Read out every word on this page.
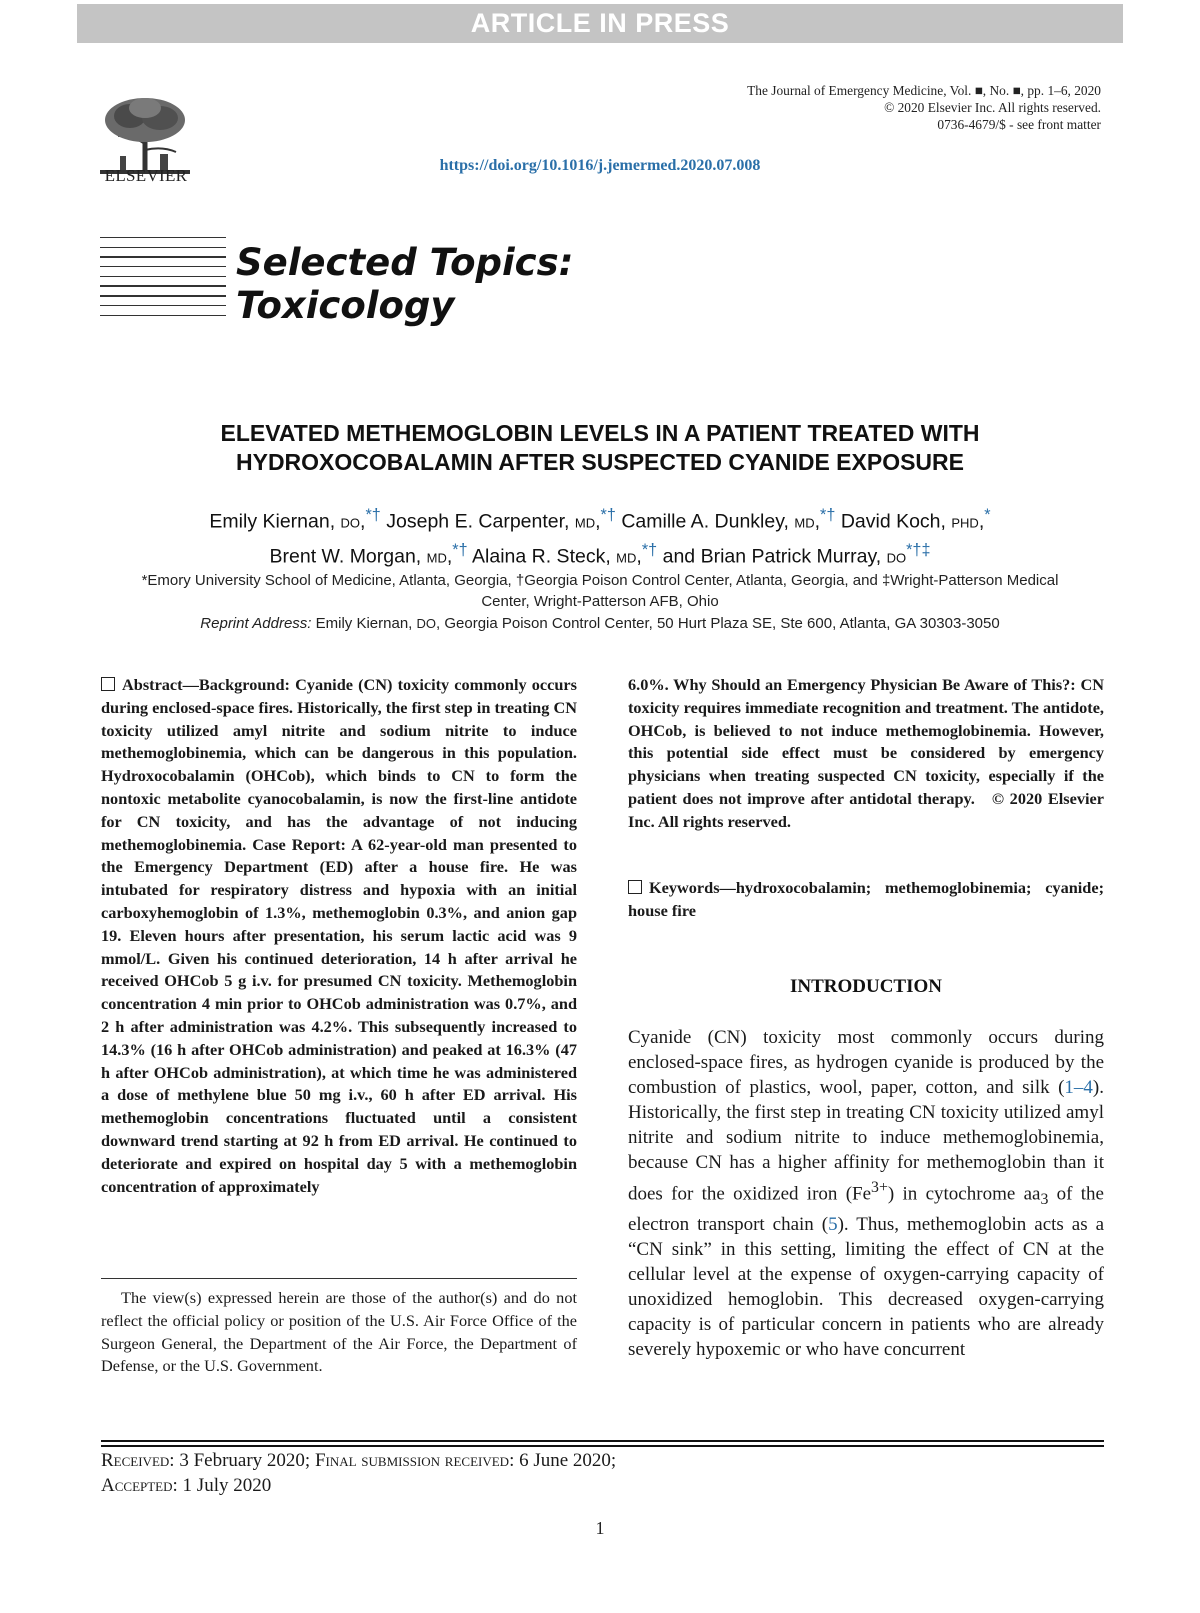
ARTICLE IN PRESS
ELSEVIER
The Journal of Emergency Medicine, Vol. ■, No. ■, pp. 1–6, 2020
© 2020 Elsevier Inc. All rights reserved.
0736-4679/$ - see front matter
https://doi.org/10.1016/j.jemermed.2020.07.008
Selected Topics:
Toxicology
ELEVATED METHEMOGLOBIN LEVELS IN A PATIENT TREATED WITH
HYDROXOCOBALAMIN AFTER SUSPECTED CYANIDE EXPOSURE
Emily Kiernan, DO,*† Joseph E. Carpenter, MD,*† Camille A. Dunkley, MD,*† David Koch, PHD,*
Brent W. Morgan, MD,*† Alaina R. Steck, MD,*† and Brian Patrick Murray, DO*†‡
*Emory University School of Medicine, Atlanta, Georgia, †Georgia Poison Control Center, Atlanta, Georgia, and ‡Wright-Patterson Medical
Center, Wright-Patterson AFB, Ohio
Reprint Address: Emily Kiernan, DO, Georgia Poison Control Center, 50 Hurt Plaza SE, Ste 600, Atlanta, GA 30303-3050
Abstract—Background: Cyanide (CN) toxicity commonly occurs during enclosed-space fires. Historically, the first step in treating CN toxicity utilized amyl nitrite and sodium nitrite to induce methemoglobinemia, which can be dangerous in this population. Hydroxocobalamin (OHCob), which binds to CN to form the nontoxic metabolite cyanocobalamin, is now the first-line antidote for CN toxicity, and has the advantage of not inducing methemoglobinemia. Case Report: A 62-year-old man presented to the Emergency Department (ED) after a house fire. He was intubated for respiratory distress and hypoxia with an initial carboxyhemoglobin of 1.3%, methemoglobin 0.3%, and anion gap 19. Eleven hours after presentation, his serum lactic acid was 9 mmol/L. Given his continued deterioration, 14 h after arrival he received OHCob 5 g i.v. for presumed CN toxicity. Methemoglobin concentration 4 min prior to OHCob administration was 0.7%, and 2 h after administration was 4.2%. This subsequently increased to 14.3% (16 h after OHCob administration) and peaked at 16.3% (47 h after OHCob administration), at which time he was administered a dose of methylene blue 50 mg i.v., 60 h after ED arrival. His methemoglobin concentrations fluctuated until a consistent downward trend starting at 92 h from ED arrival. He continued to deteriorate and expired on hospital day 5 with a methemoglobin concentration of approximately
6.0%. Why Should an Emergency Physician Be Aware of This?: CN toxicity requires immediate recognition and treatment. The antidote, OHCob, is believed to not induce methemoglobinemia. However, this potential side effect must be considered by emergency physicians when treating suspected CN toxicity, especially if the patient does not improve after antidotal therapy. © 2020 Elsevier Inc. All rights reserved.
Keywords—hydroxocobalamin; methemoglobinemia; cyanide; house fire
INTRODUCTION
Cyanide (CN) toxicity most commonly occurs during enclosed-space fires, as hydrogen cyanide is produced by the combustion of plastics, wool, paper, cotton, and silk (1–4). Historically, the first step in treating CN toxicity utilized amyl nitrite and sodium nitrite to induce methemoglobinemia, because CN has a higher affinity for methemoglobin than it does for the oxidized iron $(Fe^{3+})$ in cytochrome $aa_3$ of the electron transport chain (5). Thus, methemoglobin acts as a “CN sink” in this setting, limiting the effect of CN at the cellular level at the expense of oxygen-carrying capacity of unoxidized hemoglobin. This decreased oxygen-carrying capacity is of particular concern in patients who are already severely hypoxemic or who have concurrent
The view(s) expressed herein are those of the author(s) and do not reflect the official policy or position of the U.S. Air Force Office of the Surgeon General, the Department of the Air Force, the Department of Defense, or the U.S. Government.
Received: 3 February 2020; Final submission received: 6 June 2020;
Accepted: 1 July 2020
1
